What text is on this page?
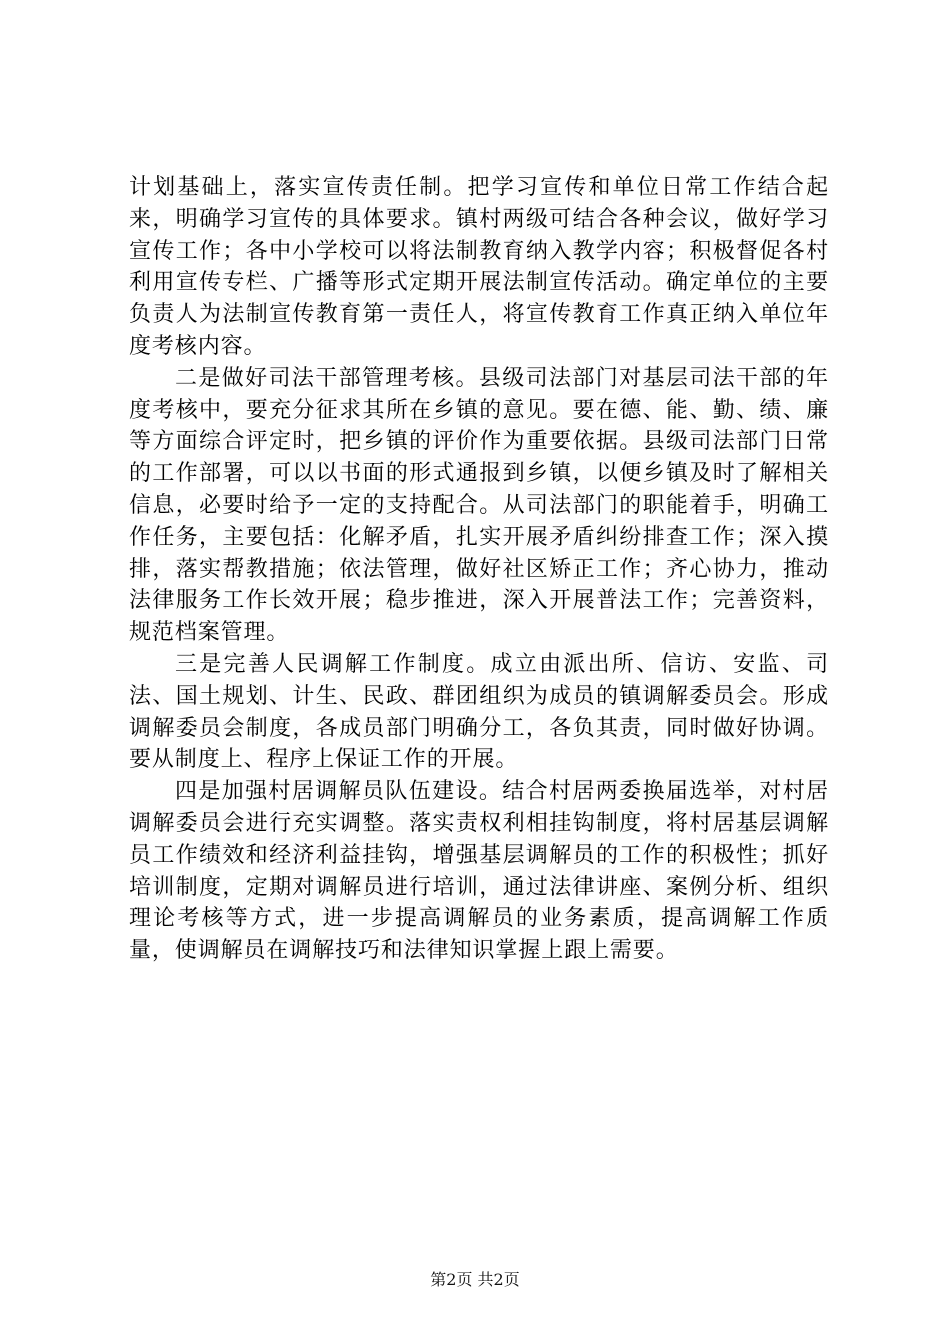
计划基础上，落实宣传责任制。把学习宣传和单位日常工作结合起来，明确学习宣传的具体要求。镇村两级可结合各种会议，做好学习宣传工作；各中小学校可以将法制教育纳入教学内容；积极督促各村利用宣传专栏、广播等形式定期开展法制宣传活动。确定单位的主要负责人为法制宣传教育第一责任人，将宣传教育工作真正纳入单位年度考核内容。

二是做好司法干部管理考核。县级司法部门对基层司法干部的年度考核中，要充分征求其所在乡镇的意见。要在德、能、勤、绩、廉等方面综合评定时，把乡镇的评价作为重要依据。县级司法部门日常的工作部署，可以以书面的形式通报到乡镇，以便乡镇及时了解相关信息，必要时给予一定的支持配合。从司法部门的职能着手，明确工作任务，主要包括：化解矛盾，扎实开展矛盾纠纷排查工作；深入摸排，落实帮教措施；依法管理，做好社区矫正工作；齐心协力，推动法律服务工作长效开展；稳步推进，深入开展普法工作；完善资料，规范档案管理。

三是完善人民调解工作制度。成立由派出所、信访、安监、司法、国土规划、计生、民政、群团组织为成员的镇调解委员会。形成调解委员会制度，各成员部门明确分工，各负其责，同时做好协调。要从制度上、程序上保证工作的开展。

四是加强村居调解员队伍建设。结合村居两委换届选举，对村居调解委员会进行充实调整。落实责权利相挂钩制度，将村居基层调解员工作绩效和经济利益挂钩，增强基层调解员的工作的积极性；抓好培训制度，定期对调解员进行培训，通过法律讲座、案例分析、组织理论考核等方式，进一步提高调解员的业务素质，提高调解工作质量，使调解员在调解技巧和法律知识掌握上跟上需要。

第2页 共2页
